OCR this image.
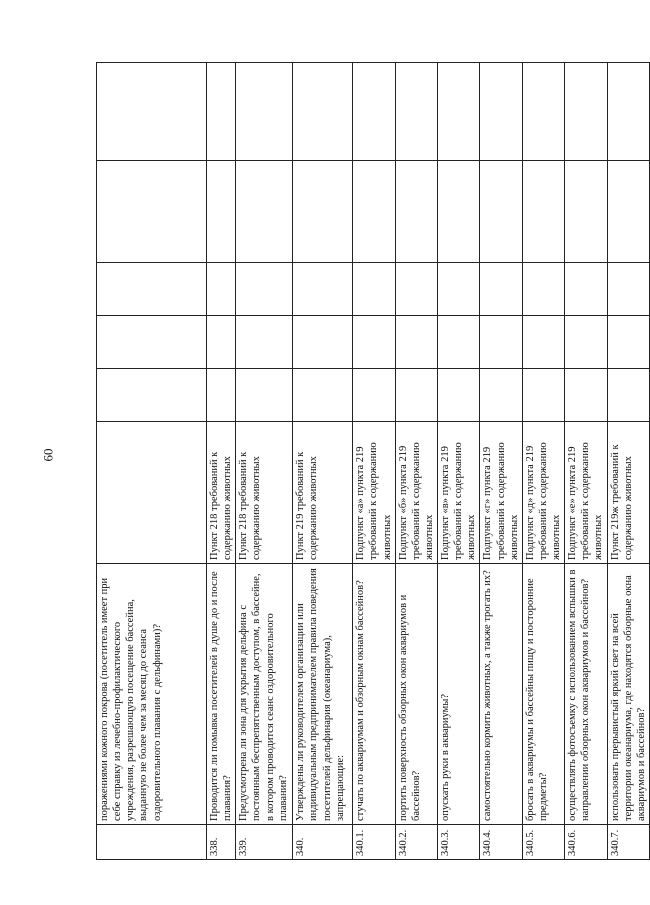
60
	поражениями кожного покрова (посетитель имеет при себе справку из лечебно-профилактического учреждения, разрешающую посещение бассейна, выданную не более чем за месяц до сеанса оздоровительного плавания с дельфинами)?						
338.	Проводится ли помывка посетителей в душе до и после плавания?	Пункт 218 требований к содержанию животных					
339.	Предусмотрена ли зона для укрытия дельфина с постоянным беспрепятственным доступом, в бассейне, в котором проводится сеанс оздоровительного плавания?	Пункт 218 требований к содержанию животных					
340.	Утверждены ли руководителем организации или индивидуальным предпринимателем правила поведения посетителей дельфинария (океанариума), запрещающие:	Пункт 219 требований к содержанию животных					
340.1.	стучать по аквариумам и обзорным окнам бассейнов?	Подпункт «а» пункта 219 требований к содержанию животных					
340.2.	портить поверхность обзорных окон аквариумов и бассейнов?	Подпункт «б» пункта 219 требований к содержанию животных					
340.3.	опускать руки в аквариумы?	Подпункт «в» пункта 219 требований к содержанию животных					
340.4.	самостоятельно кормить животных, а также трогать их?	Подпункт «г» пункта 219 требований к содержанию животных					
340.5.	бросать в аквариумы и бассейны пищу и посторонние предметы?	Подпункт «д» пункта 219 требований к содержанию животных					
340.6.	осуществлять фотосъемку с использованием вспышки в направлении обзорных окон аквариумов и бассейнов?	Подпункт «е» пункта 219 требований к содержанию животных					
340.7.	использовать прерывистый яркий свет на всей территории океанариума, где находятся обзорные окна аквариумов и бассейнов?	Пункт 219ж требований к содержанию животных					
